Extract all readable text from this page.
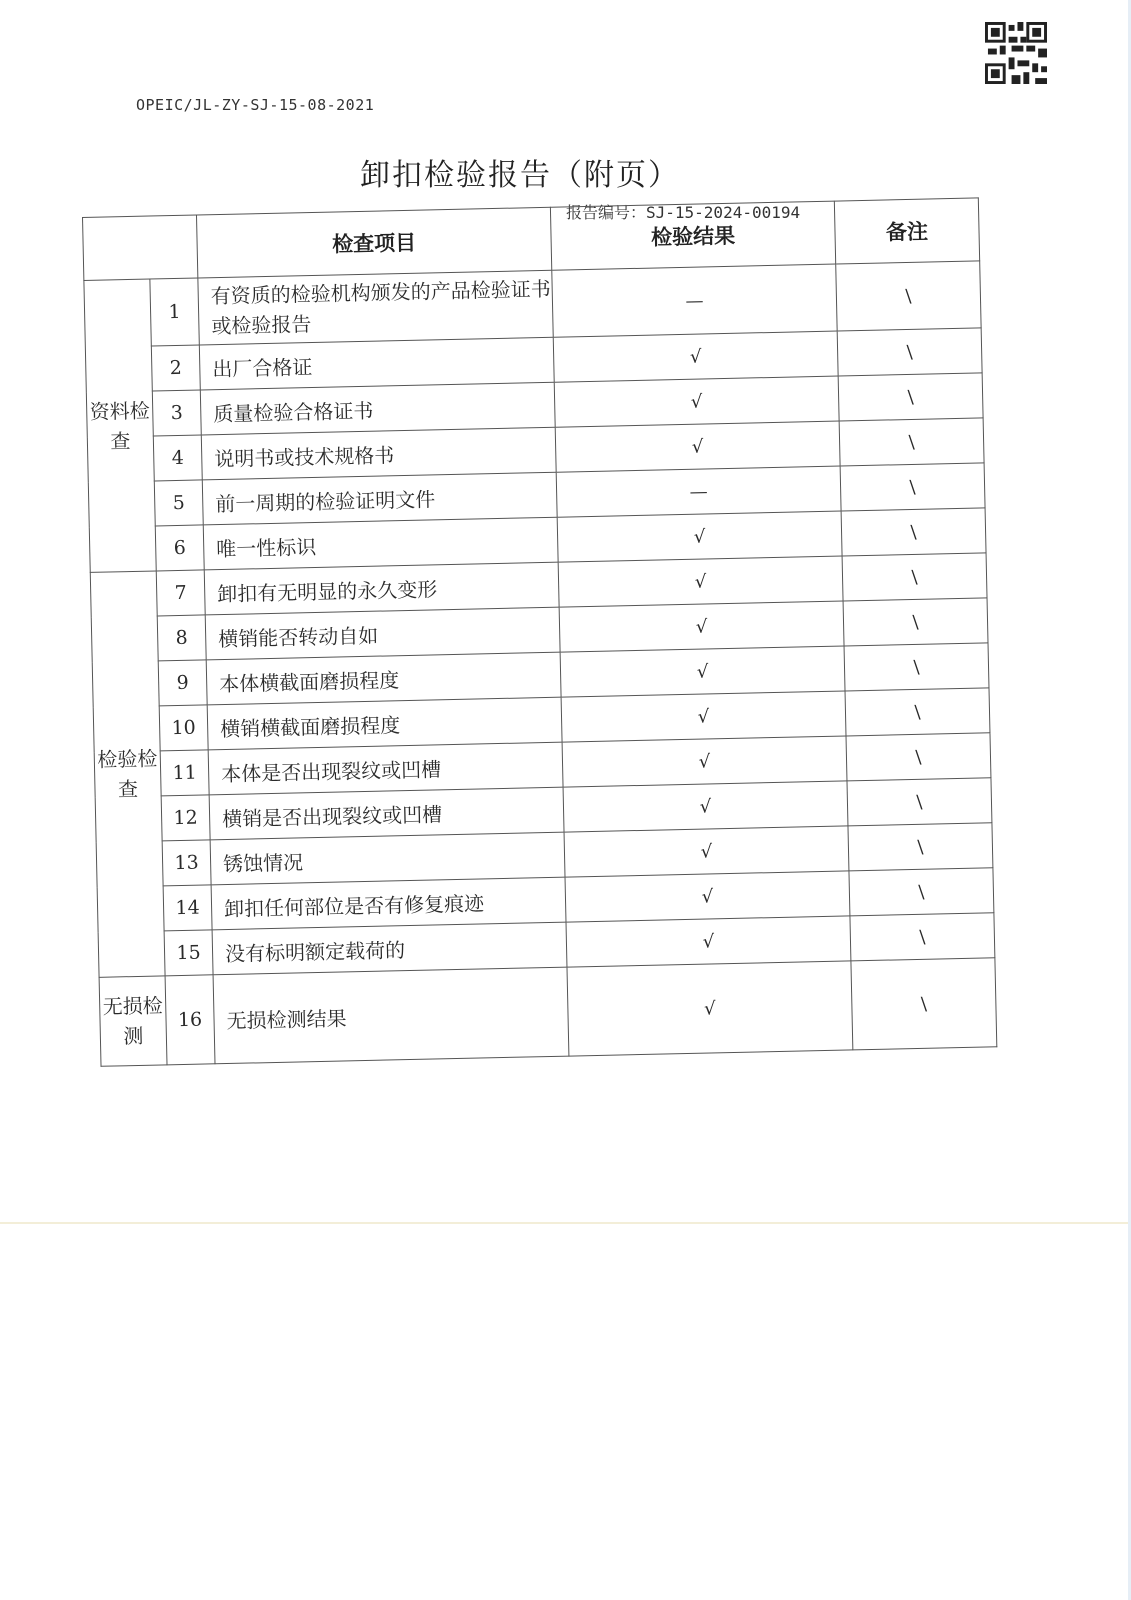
OPEIC/JL-ZY-SJ-15-08-2021
卸扣检验报告（附页）
报告编号：SJ-15-2024-00194
		检查项目	检验结果	备注
资料检查	1	有资质的检验机构颁发的产品检验证书或检验报告	—	\
	2	出厂合格证	√	\
	3	质量检验合格证书	√	\
	4	说明书或技术规格书	√	\
	5	前一周期的检验证明文件	—	\
	6	唯一性标识	√	\
检验检查	7	卸扣有无明显的永久变形	√	\
	8	横销能否转动自如	√	\
	9	本体横截面磨损程度	√	\
	10	横销横截面磨损程度	√	\
	11	本体是否出现裂纹或凹槽	√	\
	12	横销是否出现裂纹或凹槽	√	\
	13	锈蚀情况	√	\
	14	卸扣任何部位是否有修复痕迹	√	\
	15	没有标明额定载荷的	√	\
无损检测	16	无损检测结果	√	\
